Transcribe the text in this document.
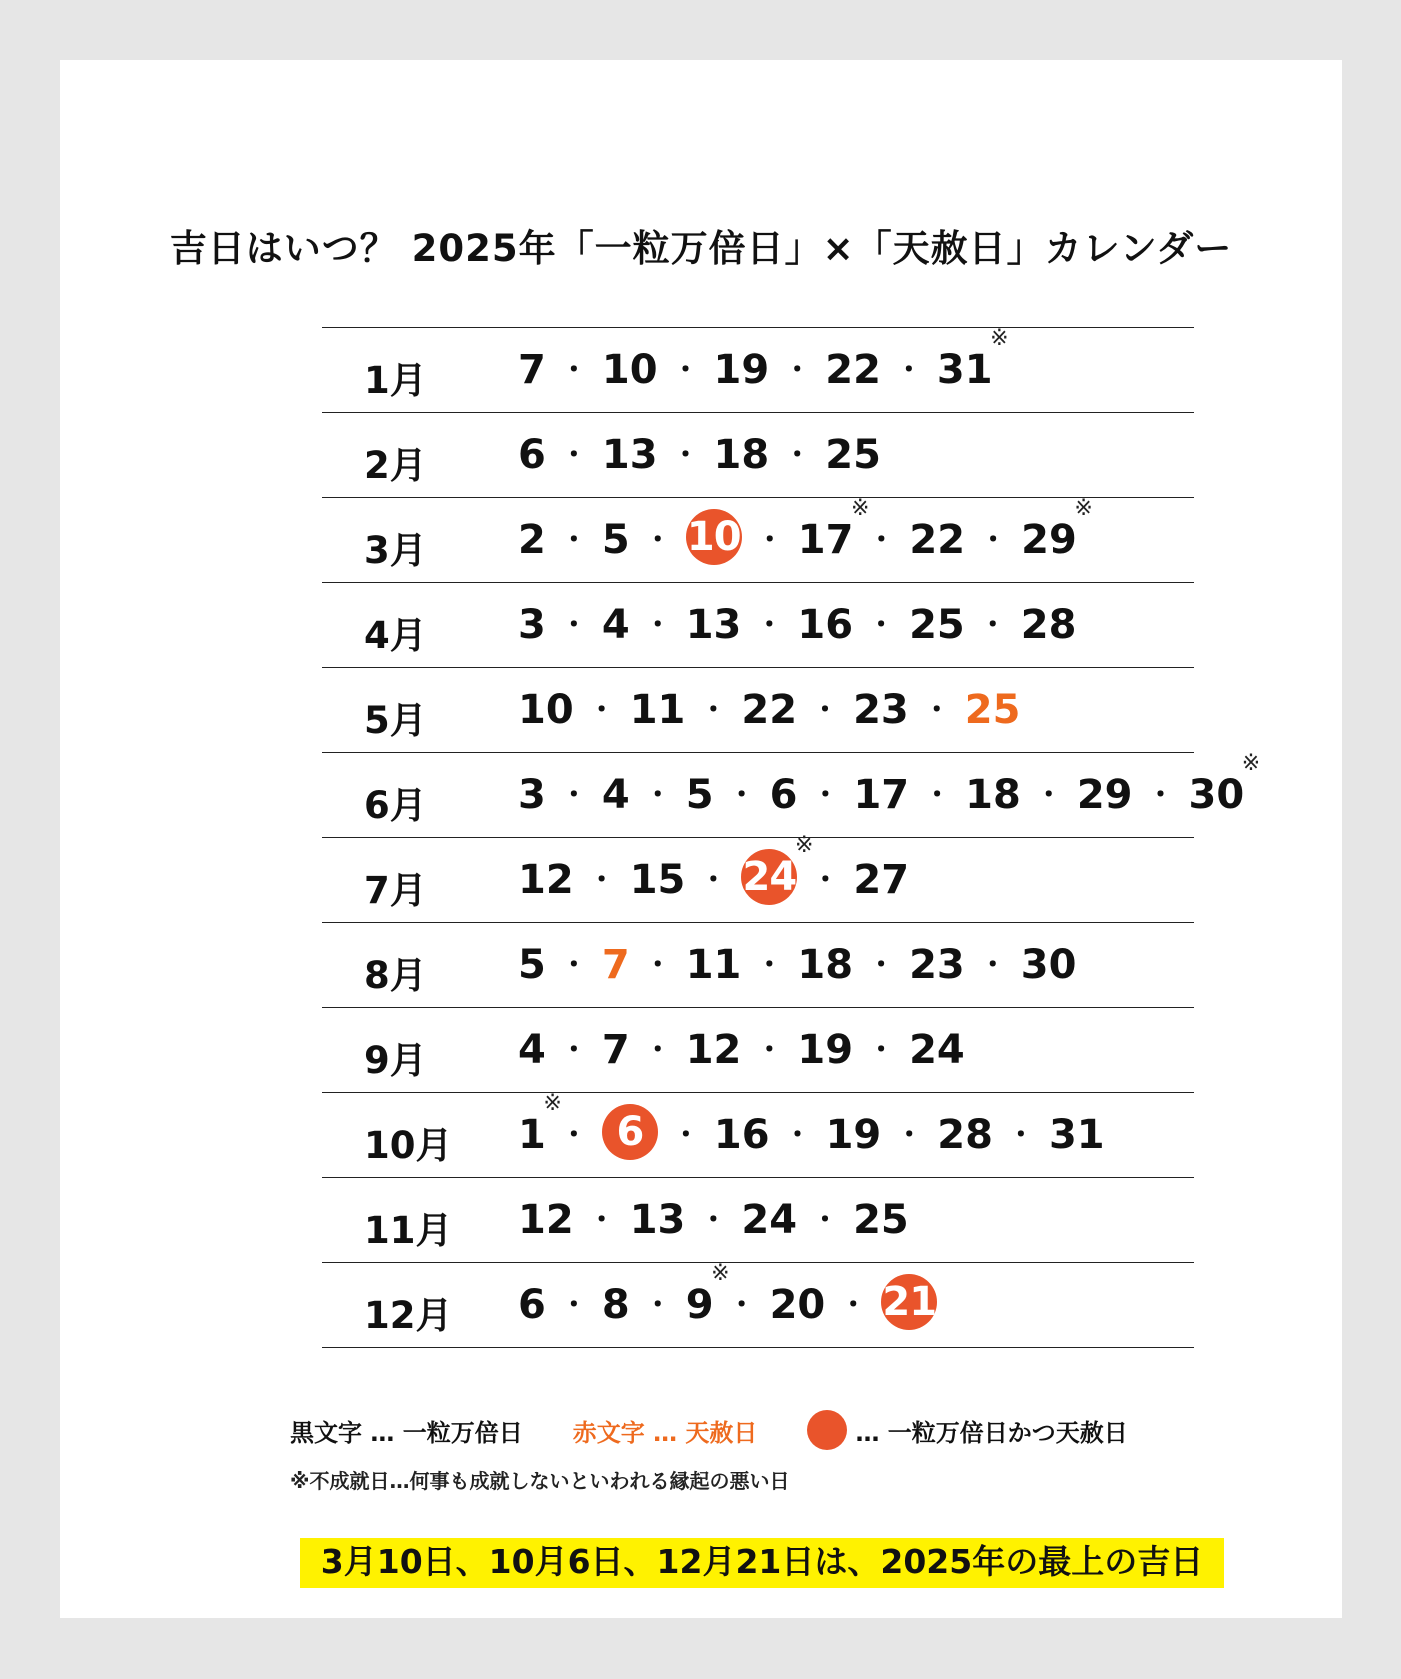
吉日はいつ？ 2025年「一粒万倍日」×「天赦日」カレンダー
1月 7 ・ 10 ・ 19 ・ 22 ・ 31
※
2月 6 ・ 13 ・ 18 ・ 25
3月 2 ・ 5 ・ 10 ・ 17
※
・ 22 ・ 29
※
4月 3 ・ 4 ・ 13 ・ 16 ・ 25 ・ 28
5月 10 ・ 11 ・ 22 ・ 23 ・ 25
6月 3 ・ 4 ・ 5 ・ 6 ・ 17 ・ 18 ・ 29 ・ 30
※
7月 12 ・ 15 ・ 24
※
・ 27
8月 5 ・ 7 ・ 11 ・ 18 ・ 23 ・ 30
9月 4 ・ 7 ・ 12 ・ 19 ・ 24
10月 1
※
・ 6	・ 16 ・ 19 ・ 28 ・ 31
11月 12 ・ 13 ・ 24 ・ 25
12月 6 ・ 8 ・ 9
※
・ 20 ・ 21
黒文字 … 一粒万倍日 赤文字 … 天赦日	… 一粒万倍日かつ天赦日
※不成就日…何事も成就しないといわれる縁起の悪い日
3月10日、10月6日、12月21日は、2025年の最上の吉日
